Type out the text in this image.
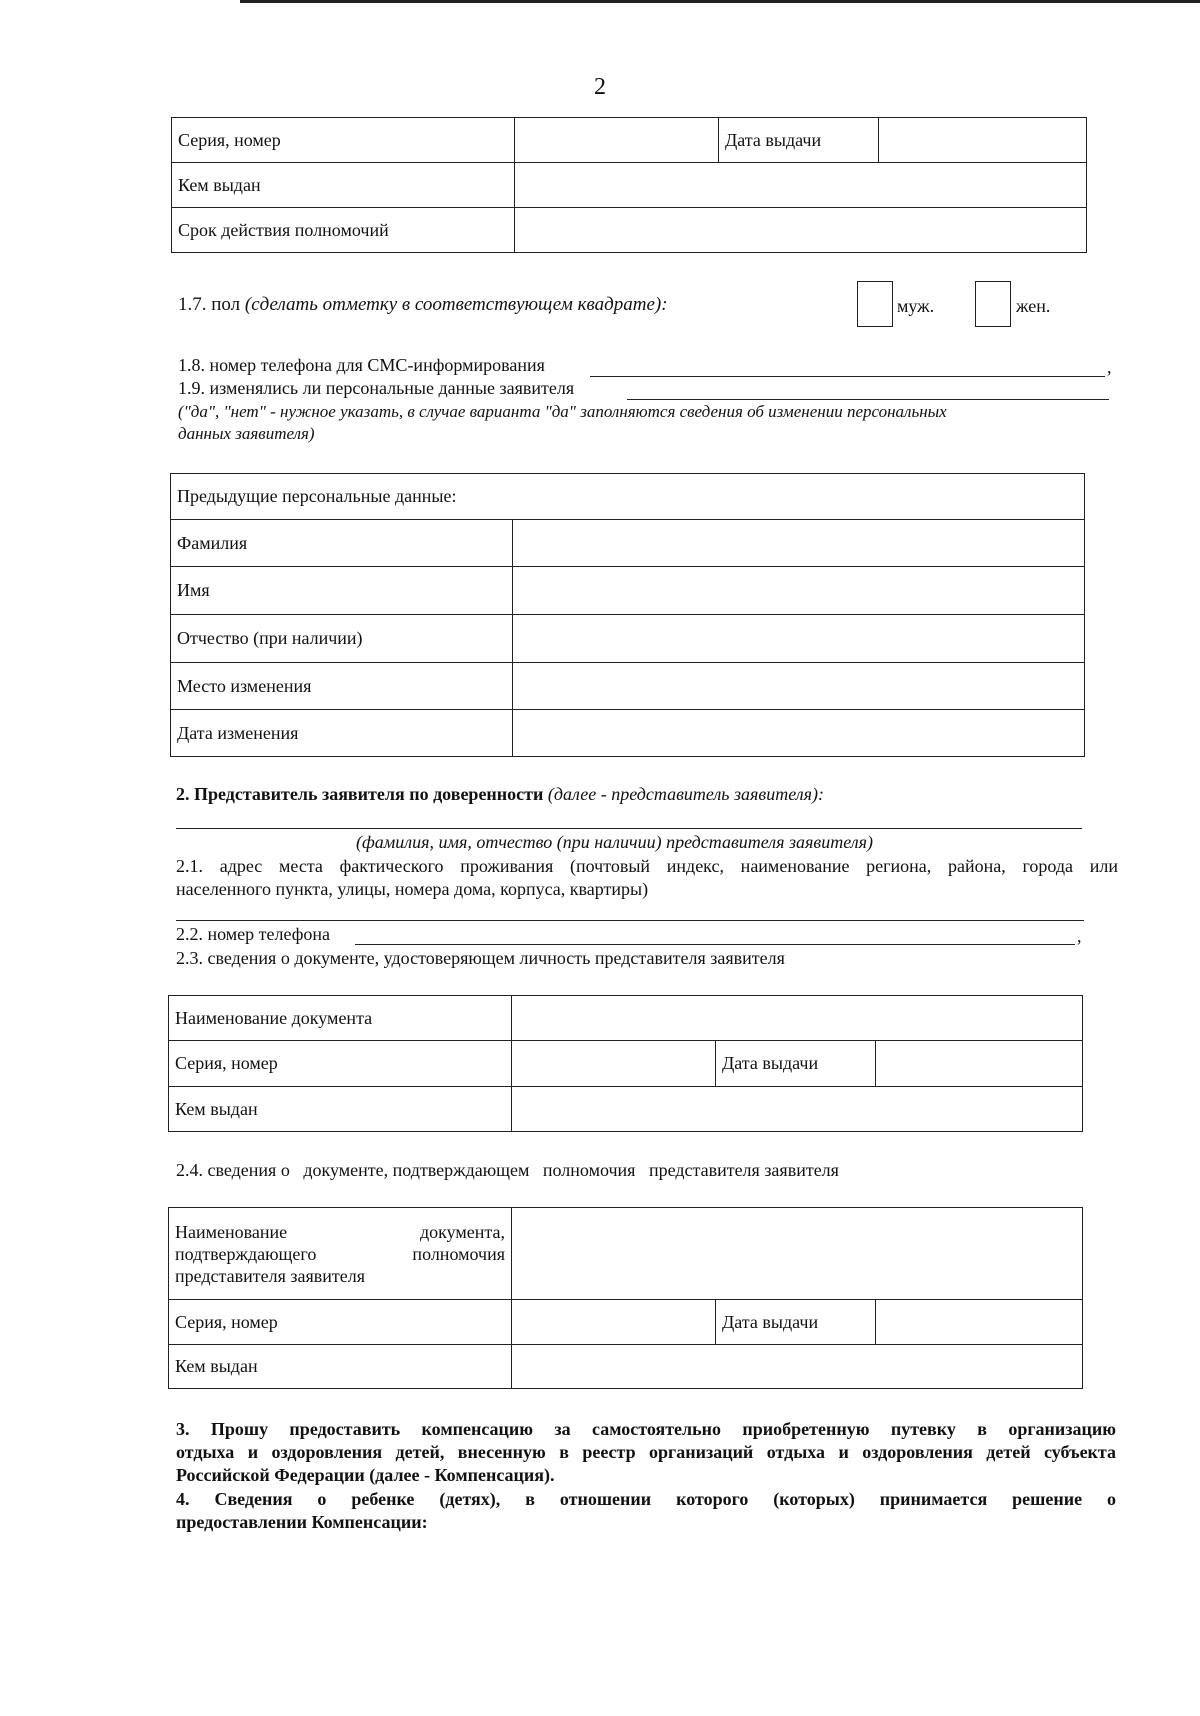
2
Серия, номер		Дата выдачи	
Кем выдан			
Срок действия полномочий			
1.7. пол (сделать отметку в соответствующем квадрате):	муж.	жен.
1.8. номер телефона для СМС-информирования	,
1.9. изменялись ли персональные данные заявителя
("да", "нет" - нужное указать, в случае варианта "да" заполняются сведения об изменении персональных
данных заявителя)
Предыдущие персональные данные:	
Фамилия	
Имя	
Отчество (при наличии)	
Место изменения	
Дата изменения	
2. Представитель заявителя по доверенности (далее - представитель заявителя):
(фамилия, имя, отчество (при наличии) представителя заявителя)
2.1. адрес места фактического проживания (почтовый индекс, наименование региона, района, города или
населенного пункта, улицы, номера дома, корпуса, квартиры)
2.2. номер телефона	,
2.3. сведения о документе, удостоверяющем личность представителя заявителя
Наименование документа			
Серия, номер		Дата выдачи	
Кем выдан			
2.4. сведения о   документе, подтверждающем   полномочия   представителя заявителя
Наименование документа,
подтверждающего полномочия
представителя заявителя			

Серия, номер		Дата выдачи	
Кем выдан			
3. Прошу предоставить компенсацию за самостоятельно приобретенную путевку в организацию
отдыха и оздоровления детей, внесенную в реестр организаций отдыха и оздоровления детей субъекта
Российской Федерации (далее - Компенсация).
4. Сведения о ребенке (детях), в отношении которого (которых) принимается решение о
предоставлении Компенсации:
